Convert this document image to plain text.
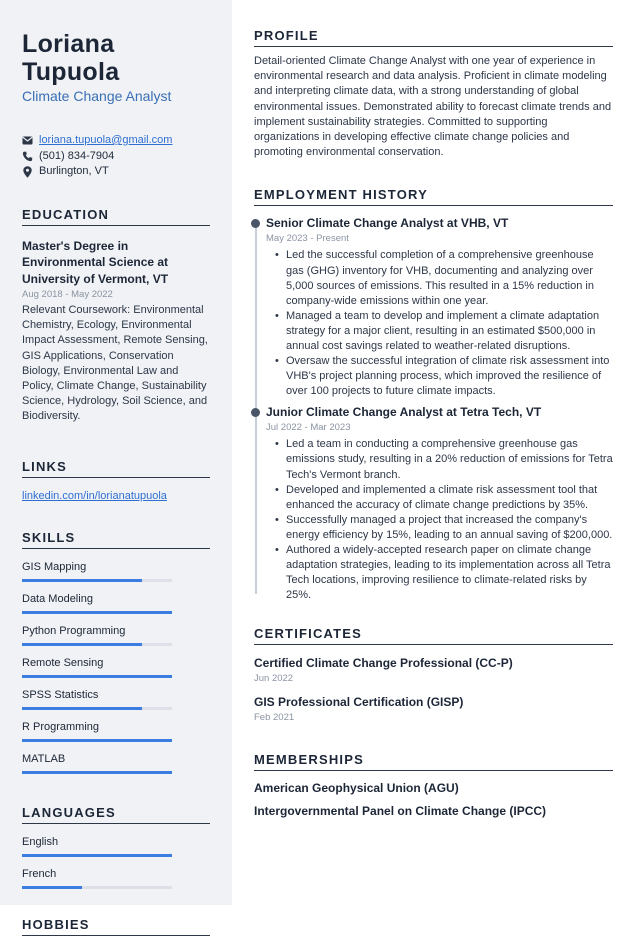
Loriana Tupuola
Climate Change Analyst
loriana.tupuola@gmail.com
(501) 834-7904
Burlington, VT
EDUCATION
Master's Degree in Environmental Science at University of Vermont, VT
Aug 2018 - May 2022
Relevant Coursework: Environmental Chemistry, Ecology, Environmental Impact Assessment, Remote Sensing, GIS Applications, Conservation Biology, Environmental Law and Policy, Climate Change, Sustainability Science, Hydrology, Soil Science, and Biodiversity.
LINKS
linkedin.com/in/lorianatupuola
SKILLS
GIS Mapping
Data Modeling
Python Programming
Remote Sensing
SPSS Statistics
R Programming
MATLAB
LANGUAGES
English
French
HOBBIES
PROFILE

Detail-oriented Climate Change Analyst with one year of experience in environmental research and data analysis. Proficient in climate modeling and interpreting climate data, with a strong understanding of global environmental issues. Demonstrated ability to forecast climate trends and implement sustainability strategies. Committed to supporting organizations in developing effective climate change policies and promoting environmental conservation.

EMPLOYMENT HISTORY
Senior Climate Change Analyst at VHB, VT
May 2023 - Present
• Led the successful completion of a comprehensive greenhouse gas (GHG) inventory for VHB, documenting and analyzing over 5,000 sources of emissions. This resulted in a 15% reduction in company-wide emissions within one year.
• Managed a team to develop and implement a climate adaptation strategy for a major client, resulting in an estimated $500,000 in annual cost savings related to weather-related disruptions.
• Oversaw the successful integration of climate risk assessment into VHB's project planning process, which improved the resilience of over 100 projects to future climate impacts.
Junior Climate Change Analyst at Tetra Tech, VT
Jul 2022 - Mar 2023
• Led a team in conducting a comprehensive greenhouse gas emissions study, resulting in a 20% reduction of emissions for Tetra Tech's Vermont branch.
• Developed and implemented a climate risk assessment tool that enhanced the accuracy of climate change predictions by 35%.
• Successfully managed a project that increased the company's energy efficiency by 15%, leading to an annual saving of $200,000.
• Authored a widely-accepted research paper on climate change adaptation strategies, leading to its implementation across all Tetra Tech locations, improving resilience to climate-related risks by 25%.
CERTIFICATES
Certified Climate Change Professional (CC-P)
Jun 2022
GIS Professional Certification (GISP)
Feb 2021
MEMBERSHIPS
American Geophysical Union (AGU)
Intergovernmental Panel on Climate Change (IPCC)
